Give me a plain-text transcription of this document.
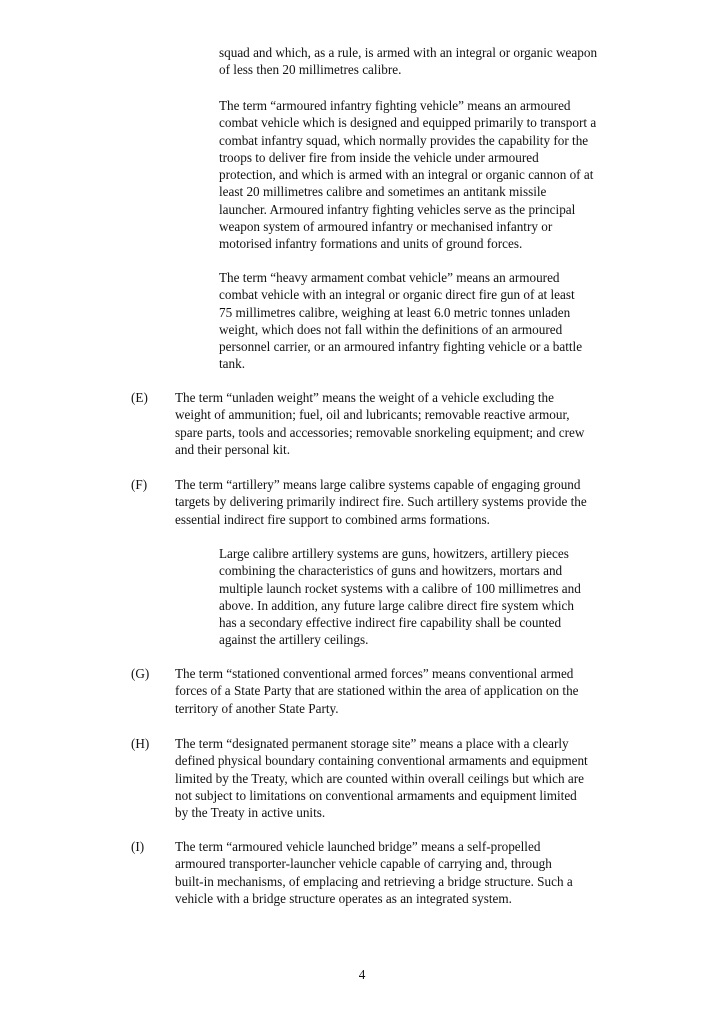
squad and which, as a rule, is armed with an integral or organic weapon
of less then 20 millimetres calibre.
The term “armoured infantry fighting vehicle” means an armoured
combat vehicle which is designed and equipped primarily to transport a
combat infantry squad, which normally provides the capability for the
troops to deliver fire from inside the vehicle under armoured
protection, and which is armed with an integral or organic cannon of at
least 20 millimetres calibre and sometimes an antitank missile
launcher. Armoured infantry fighting vehicles serve as the principal
weapon system of armoured infantry or mechanised infantry or
motorised infantry formations and units of ground forces.
The term “heavy armament combat vehicle” means an armoured
combat vehicle with an integral or organic direct fire gun of at least
75 millimetres calibre, weighing at least 6.0 metric tonnes unladen
weight, which does not fall within the definitions of an armoured
personnel carrier, or an armoured infantry fighting vehicle or a battle
tank.
(E)	The term “unladen weight” means the weight of a vehicle excluding the
weight of ammunition; fuel, oil and lubricants; removable reactive armour,
spare parts, tools and accessories; removable snorkeling equipment; and crew
and their personal kit.
(F)	The term “artillery” means large calibre systems capable of engaging ground
targets by delivering primarily indirect fire. Such artillery systems provide the
essential indirect fire support to combined arms formations.
Large calibre artillery systems are guns, howitzers, artillery pieces
combining the characteristics of guns and howitzers, mortars and
multiple launch rocket systems with a calibre of 100 millimetres and
above. In addition, any future large calibre direct fire system which
has a secondary effective indirect fire capability shall be counted
against the artillery ceilings.
(G)	The term “stationed conventional armed forces” means conventional armed
forces of a State Party that are stationed within the area of application on the
territory of another State Party.
(H)	The term “designated permanent storage site” means a place with a clearly
defined physical boundary containing conventional armaments and equipment
limited by the Treaty, which are counted within overall ceilings but which are
not subject to limitations on conventional armaments and equipment limited
by the Treaty in active units.
(I)	The term “armoured vehicle launched bridge” means a self-propelled
armoured transporter-launcher vehicle capable of carrying and, through
built-in mechanisms, of emplacing and retrieving a bridge structure. Such a
vehicle with a bridge structure operates as an integrated system.
4
